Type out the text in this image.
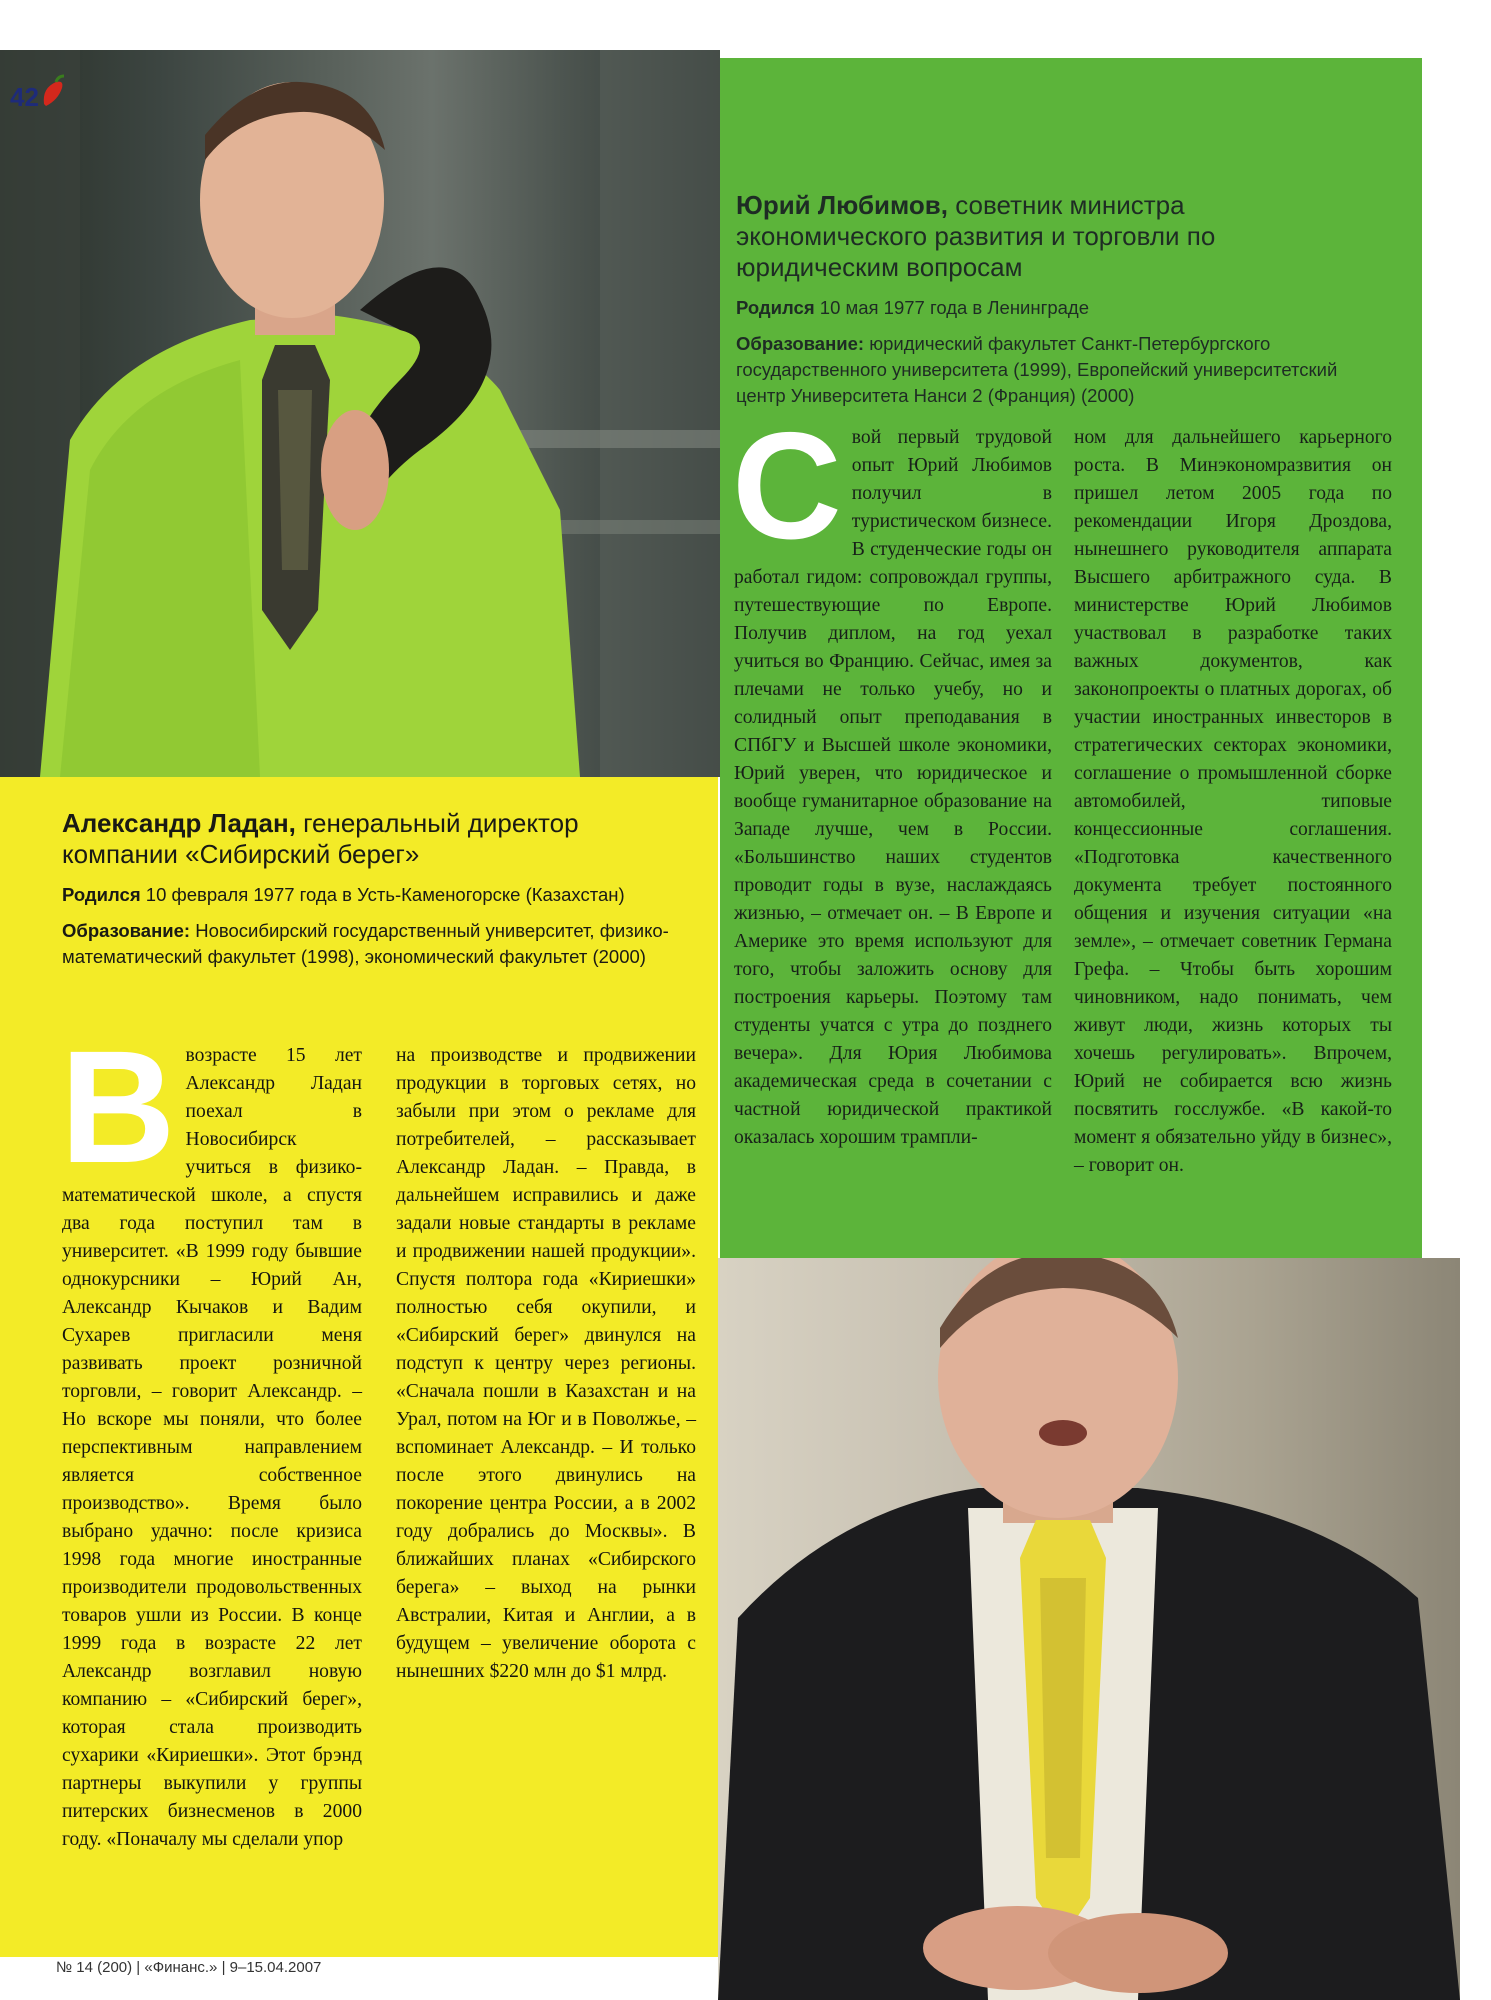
42
Юрий Любимов, советник министра экономического развития и торговли по юридическим вопросам
Родился 10 мая 1977 года в Ленинграде
Образование: юридический факультет Санкт-Петербургского государственного университета (1999), Европейский университетский центр Университета Нанси 2 (Франция) (2000)
Свой первый трудовой опыт Юрий Любимов получил в туристическом бизнесе. В студенческие годы он работал гидом: сопровождал группы, путешествующие по Европе. Получив диплом, на год уехал учиться во Францию. Сейчас, имея за плечами не только учебу, но и солидный опыт преподавания в СПбГУ и Высшей школе экономики, Юрий уверен, что юридическое и вообще гуманитарное образование на Западе лучше, чем в России. «Большинство наших студентов проводит годы в вузе, наслаждаясь жизнью, – отмечает он. – В Европе и Америке это время используют для того, чтобы заложить основу для построения карьеры. Поэтому там студенты учатся с утра до позднего вечера». Для Юрия Любимова академическая среда в сочетании с частной юридической практикой оказалась хорошим трампли-
ном для дальнейшего карьерного роста. В Минэкономразвития он пришел летом 2005 года по рекомендации Игоря Дроздова, нынешнего руководителя аппарата Высшего арбитражного суда. В министерстве Юрий Любимов участвовал в разработке таких важных документов, как законопроекты о платных дорогах, об участии иностранных инвесторов в стратегических секторах экономики, соглашение о промышленной сборке автомобилей, типовые концессионные соглашения. «Подготовка качественного документа требует постоянного общения и изучения ситуации «на земле», – отмечает советник Германа Грефа. – Чтобы быть хорошим чиновником, надо понимать, чем живут люди, жизнь которых ты хочешь регулировать». Впрочем, Юрий не собирается всю жизнь посвятить госслужбе. «В какой-то момент я обязательно уйду в бизнес», – говорит он.
Александр Ладан, генеральный директор компании «Сибирский берег»
Родился 10 февраля 1977 года в Усть-Каменогорске (Казахстан)
Образование: Новосибирский государственный университет, физико-математический факультет (1998), экономический факультет (2000)
Ввозрасте 15 лет Александр Ладан поехал в Новосибирск учиться в физико-математической школе, а спустя два года поступил там в университет. «В 1999 году бывшие однокурсники – Юрий Ан, Александр Кычаков и Вадим Сухарев пригласили меня развивать проект розничной торговли, – говорит Александр. – Но вскоре мы поняли, что более перспективным направлением является собственное производство». Время было выбрано удачно: после кризиса 1998 года многие иностранные производители продовольственных товаров ушли из России. В конце 1999 года в возрасте 22 лет Александр возглавил новую компанию – «Сибирский берег», которая стала производить сухарики «Кириешки». Этот брэнд партнеры выкупили у группы питерских бизнесменов в 2000 году. «Поначалу мы сделали упор
на производстве и продвижении продукции в торговых сетях, но забыли при этом о рекламе для потребителей, – рассказывает Александр Ладан. – Правда, в дальнейшем исправились и даже задали новые стандарты в рекламе и продвижении нашей продукции». Спустя полтора года «Кириешки» полностью себя окупили, и «Сибирский берег» двинулся на подступ к центру через регионы. «Сначала пошли в Казахстан и на Урал, потом на Юг и в Поволжье, – вспоминает Александр. – И только после этого двинулись на покорение центра России, а в 2002 году добрались до Москвы». В ближайших планах «Сибирского берега» – выход на рынки Австралии, Китая и Англии, а в будущем – увеличение оборота с нынешних $220 млн до $1 млрд.
№ 14 (200) | «Финанс.» | 9–15.04.2007
